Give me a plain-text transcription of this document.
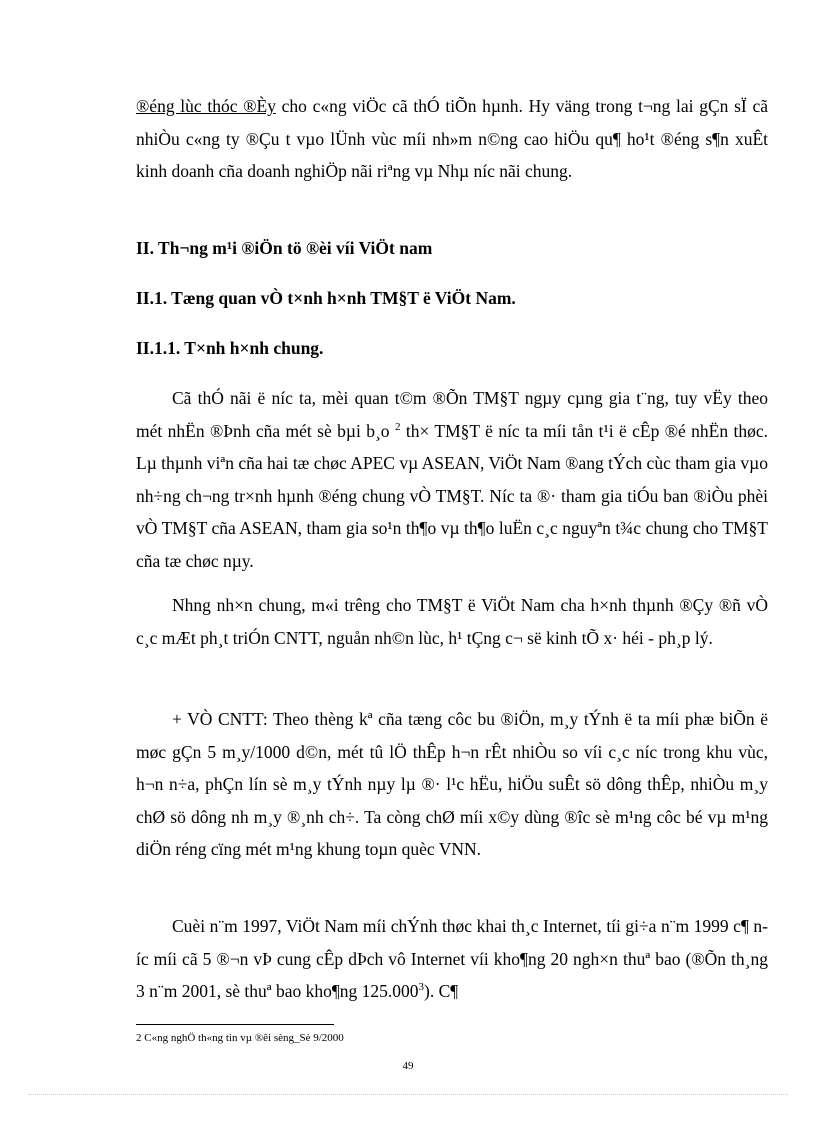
®éng lùc thóc ®Èy cho c«ng viÖc cã thÓ tiÕn hµnh. Hy väng trong t¬ng lai gÇn sÏ cã nhiÒu c«ng ty ®Çu t vµo lÜnh vùc míi nh»m n©ng cao hiÖu qu¶ ho¹t ®éng s¶n xuÊt kinh doanh cña doanh nghiÖp nãi riªng vµ Nhµ níc nãi chung.

II. Th¬ng m¹i ®iÖn tö ®èi víi ViÖt nam

II.1. Tæng quan vÒ t×nh h×nh TM§T ë ViÖt Nam.

II.1.1. T×nh h×nh chung.

Cã thÓ nãi ë níc ta, mèi quan t©m ®Õn TM§T ngµy cµng gia t¨ng, tuy vËy theo mét nhËn ®Þnh cña mét sè bµi b¸o $^2$ th× TM§T ë níc ta míi tån t¹i ë cÊp ®é nhËn thøc. Lµ thµnh viªn cña hai tæ chøc APEC vµ ASEAN, ViÖt Nam ®ang tÝch cùc tham gia vµo nh÷ng ch¬ng tr×nh hµnh ®éng chung vÒ TM§T. Níc ta ®· tham gia tiÓu ban ®iÒu phèi vÒ TM§T cña ASEAN, tham gia so¹n th¶o vµ th¶o luËn c¸c nguyªn t¾c chung cho TM§T cña tæ chøc nµy.

Nhng nh×n chung, m«i trêng cho TM§T ë ViÖt Nam cha h×nh thµnh ®Çy ®ñ vÒ c¸c mÆt ph¸t triÓn CNTT, nguån nh©n lùc, h¹ tÇng c¬ së kinh tÕ x· héi - ph¸p lý.

+ VÒ CNTT: Theo thèng kª cña tæng côc bu ®iÖn, m¸y tÝnh ë ta míi phæ biÕn ë møc gÇn 5 m¸y/1000 d©n, mét tû lÖ thÊp h¬n rÊt nhiÒu so víi c¸c níc trong khu vùc, h¬n n÷a, phÇn lín sè m¸y tÝnh nµy lµ ®· l¹c hËu, hiÖu suÊt sö dông thÊp, nhiÒu m¸y chØ sö dông nh m¸y ®¸nh ch÷. Ta còng chØ míi x©y dùng ®îc sè m¹ng côc bé vµ m¹ng diÖn réng cïng mét m¹ng khung toµn quèc VNN.

Cuèi n¨m 1997, ViÖt Nam míi chÝnh thøc khai th¸c Internet, tíi gi÷a n¨m 1999 c¶ níc míi cã 5 ®¬n vÞ cung cÊp dÞch vô Internet víi kho¶ng 20 ngh×n thuª bao (®Õn th¸ng 3 n¨m 2001, sè thuª bao kho¶ng 125.000$^3$). C¶

2 C«ng nghÖ th«ng tin vµ ®êi sèng_Sè 9/2000
49
